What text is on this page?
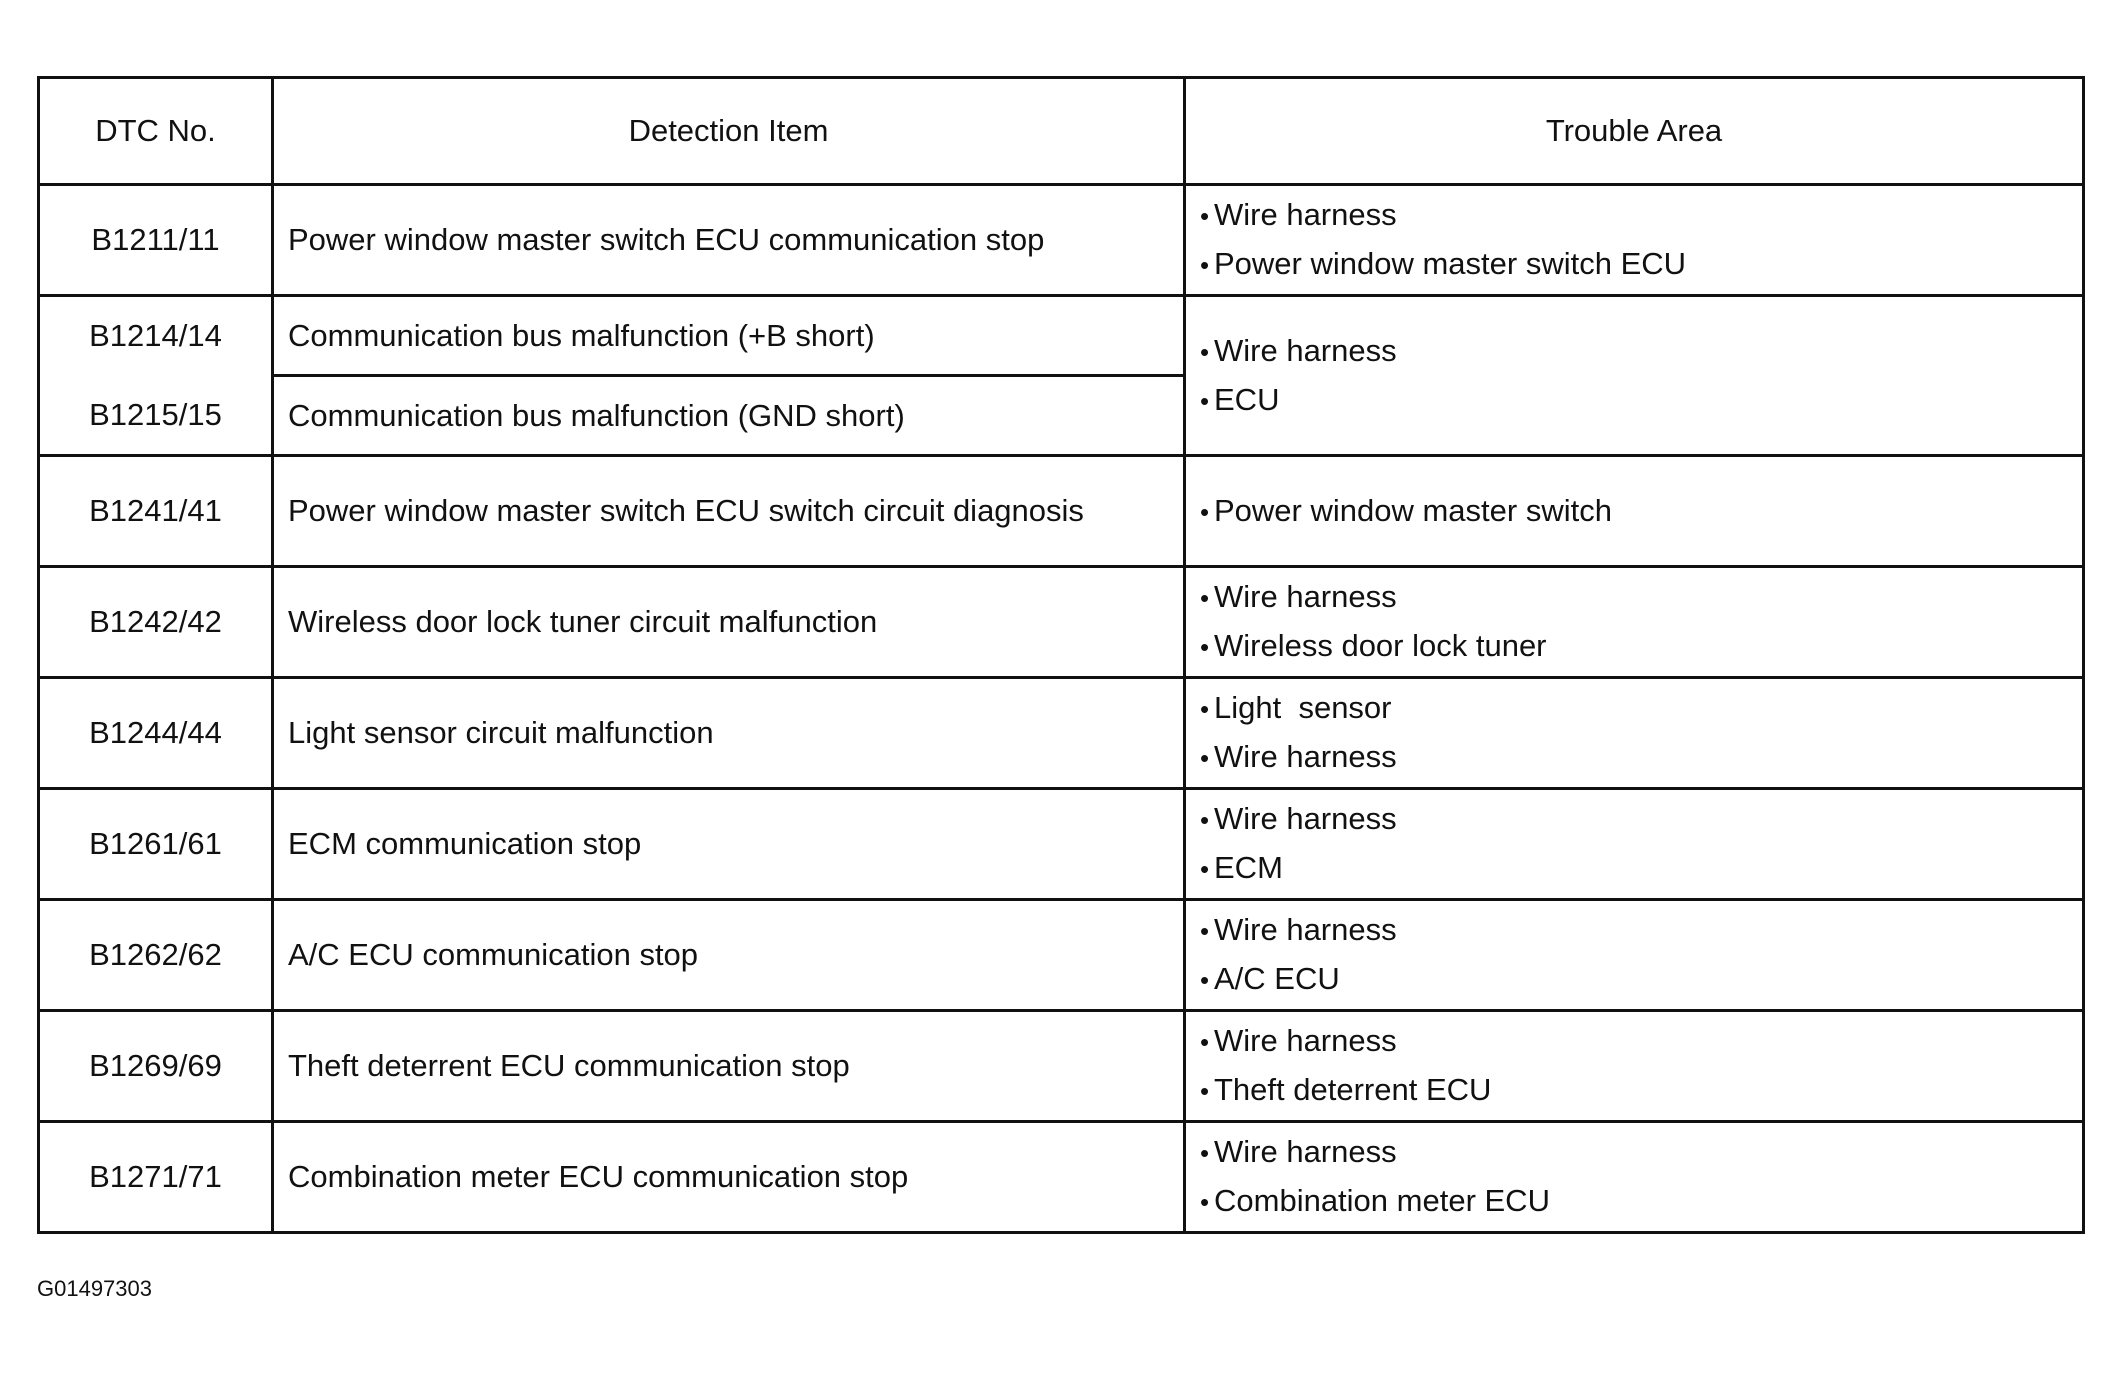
DTC No.	Detection Item	Trouble Area
B1211/11	Power window master switch ECU communication stop	• Wire harness
• Power window master switch ECU

B1214/14	Communication bus malfunction (+B short)	• Wire harness
• ECU

B1215/15	Communication bus malfunction (GND short)	
B1241/41	Power window master switch ECU switch circuit diagnosis	• Power window master switch

B1242/42	Wireless door lock tuner circuit malfunction	• Wire harness
• Wireless door lock tuner

B1244/44	Light sensor circuit malfunction	• Light  sensor
• Wire harness

B1261/61	ECM communication stop	• Wire harness
• ECM

B1262/62	A/C ECU communication stop	• Wire harness
• A/C ECU

B1269/69	Theft deterrent ECU communication stop	• Wire harness
• Theft deterrent ECU

B1271/71	Combination meter ECU communication stop	• Wire harness
• Combination meter ECU
G01497303
